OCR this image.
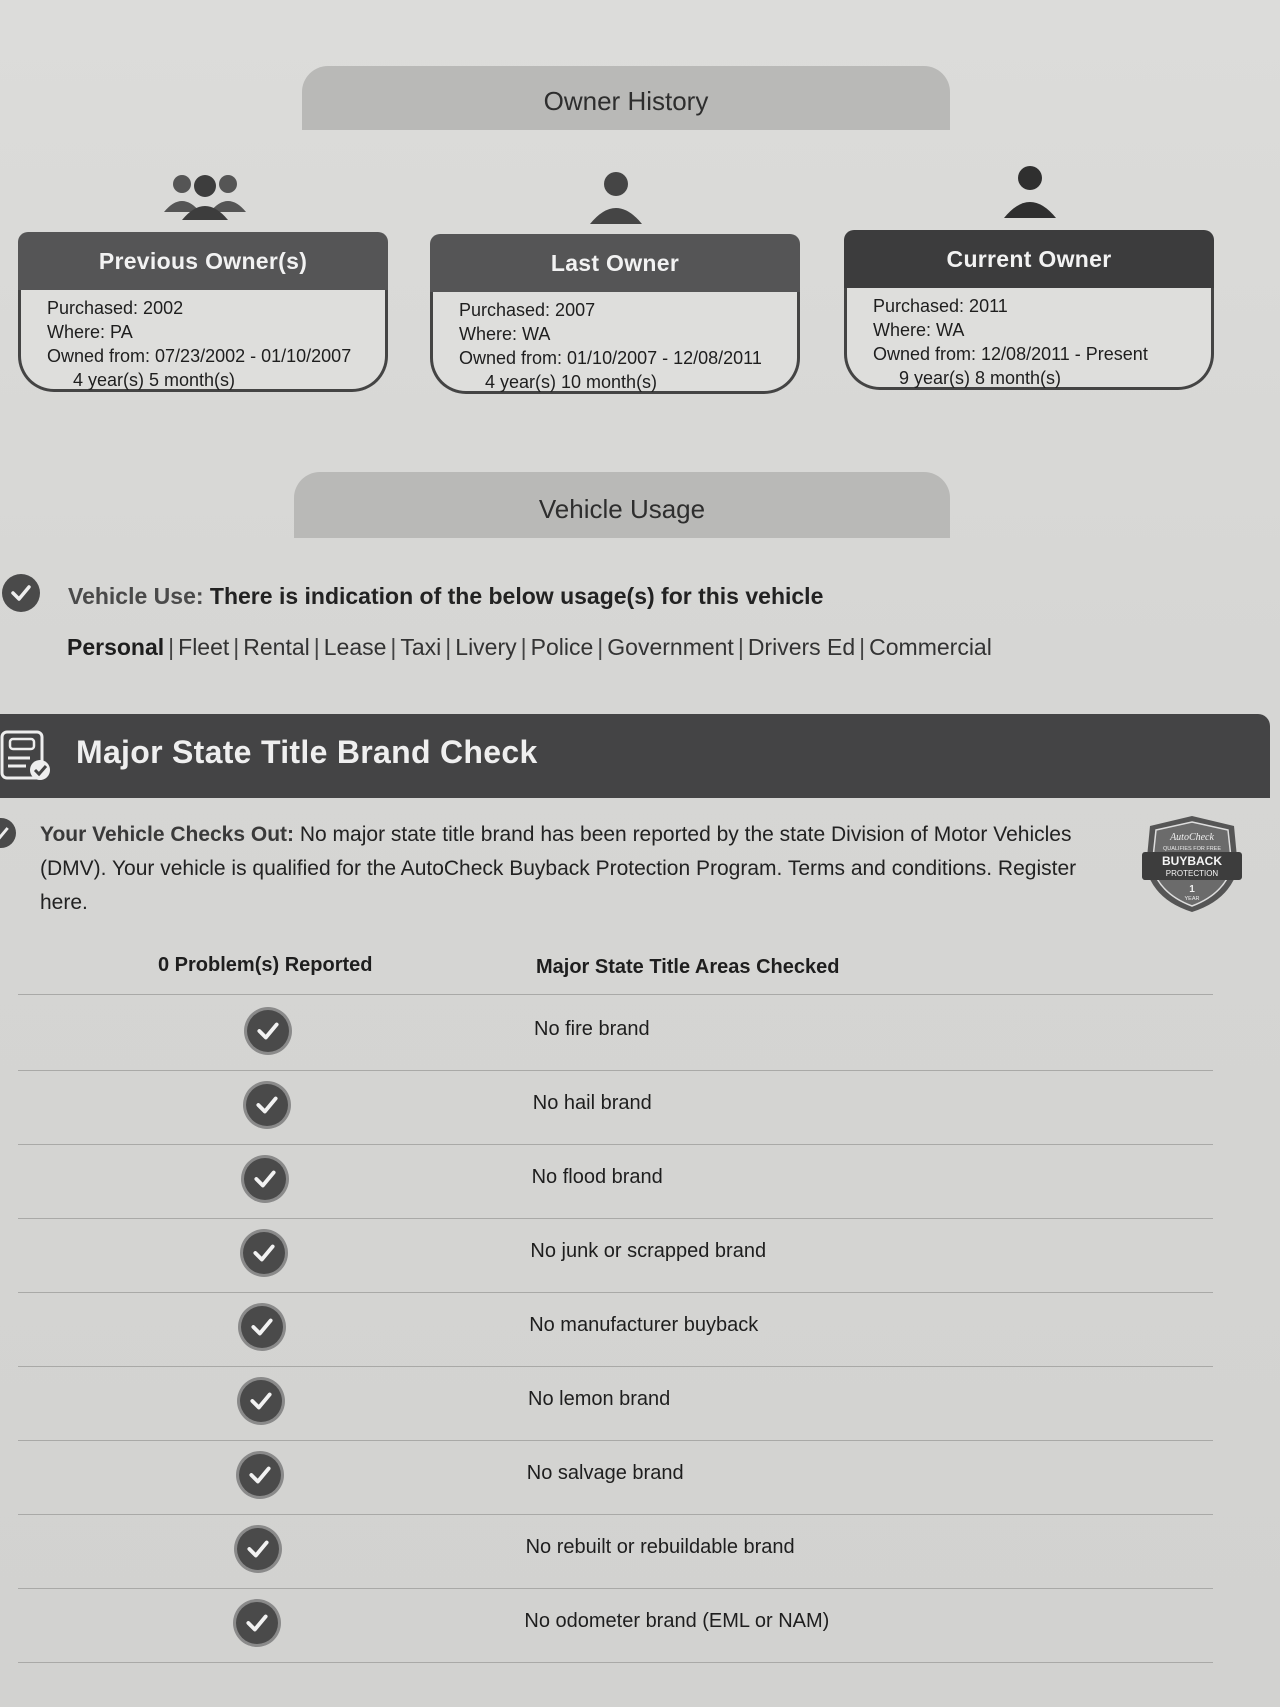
Owner History
Previous Owner(s)
Purchased: 2002
Where: PA
Owned from: 07/23/2002 - 01/10/2007
4 year(s) 5 month(s)
Last Owner
Purchased: 2007
Where: WA
Owned from: 01/10/2007 - 12/08/2011
4 year(s) 10 month(s)
Current Owner
Purchased: 2011
Where: WA
Owned from: 12/08/2011 - Present
9 year(s) 8 month(s)
Vehicle Usage
Vehicle Use: There is indication of the below usage(s) for this vehicle
Personal | Fleet | Rental | Lease | Taxi | Livery | Police | Government | Drivers Ed | Commercial
Major State Title Brand Check
Your Vehicle Checks Out: No major state title brand has been reported by the state Division of Motor Vehicles (DMV). Your vehicle is qualified for the AutoCheck Buyback Protection Program. Terms and conditions. Register here.
AutoCheck
QUALIFIES FOR FREE
BUYBACK
PROTECTION
1
YEAR
0 Problem(s) Reported	Major State Title Areas Checked
No fire brand
No hail brand
No flood brand
No junk or scrapped brand
No manufacturer buyback
No lemon brand
No salvage brand
No rebuilt or rebuildable brand
No odometer brand (EML or NAM)
